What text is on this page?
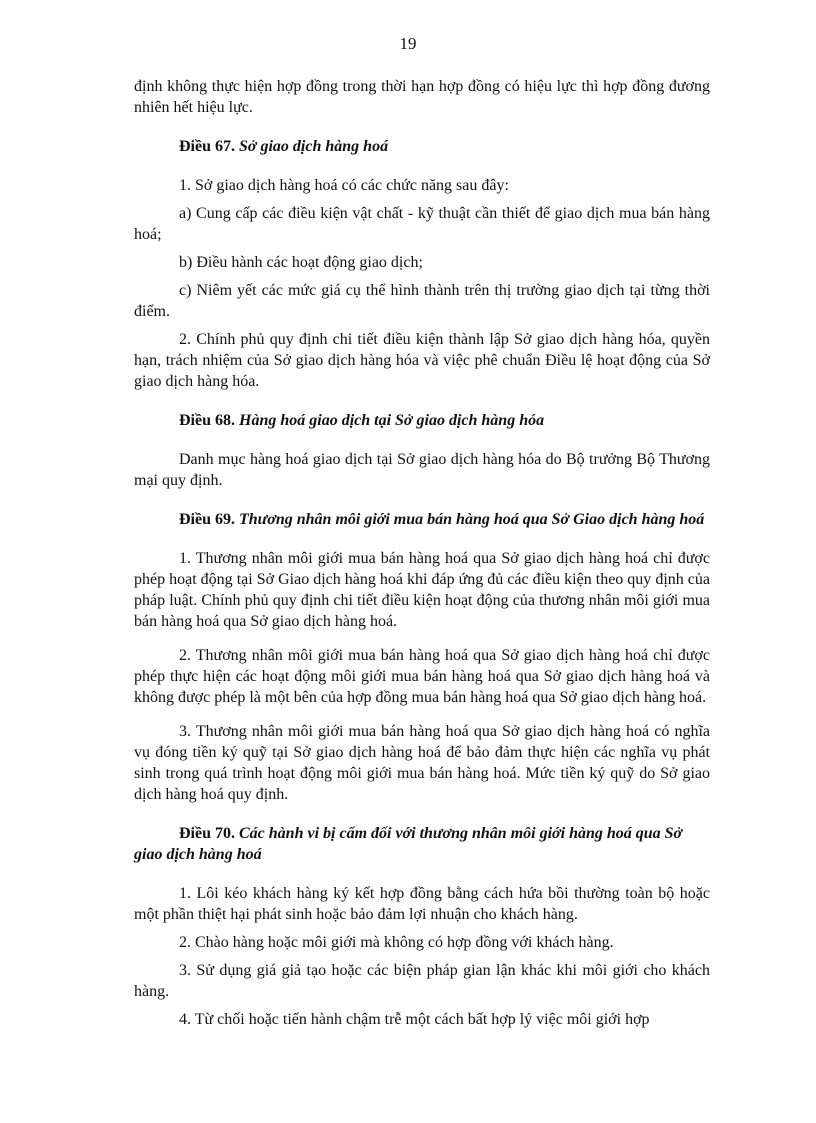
19

định không thực hiện hợp đồng trong thời hạn hợp đồng có hiệu lực thì hợp đồng đương nhiên hết hiệu lực.

Điều 67. Sở giao dịch hàng hoá

1. Sở giao dịch hàng hoá có các chức năng sau đây:

a) Cung cấp các điều kiện vật chất - kỹ thuật cần thiết để giao dịch mua bán hàng hoá;

b) Điều hành các hoạt động giao dịch;

c) Niêm yết các mức giá cụ thể hình thành trên thị trường giao dịch tại từng thời điểm.

2. Chính phủ quy định chi tiết điều kiện thành lập Sở giao dịch hàng hóa, quyền hạn, trách nhiệm của Sở giao dịch hàng hóa và việc phê chuẩn Điều lệ hoạt động của Sở giao dịch hàng hóa.

Điều 68. Hàng hoá giao dịch tại Sở giao dịch hàng hóa

Danh mục hàng hoá giao dịch tại Sở giao dịch hàng hóa do Bộ trưởng Bộ Thương mại quy định.

Điều 69. Thương nhân môi giới mua bán hàng hoá qua Sở Giao dịch hàng hoá

1. Thương nhân môi giới mua bán hàng hoá qua Sở giao dịch hàng hoá chỉ được phép hoạt động tại Sở Giao dịch hàng hoá khi đáp ứng đủ các điều kiện theo quy định của pháp luật. Chính phủ quy định chi tiết điều kiện hoạt động của thương nhân môi giới mua bán hàng hoá qua Sở giao dịch hàng hoá.

2. Thương nhân môi giới mua bán hàng hoá qua Sở giao dịch hàng hoá chỉ được phép thực hiện các hoạt động môi giới mua bán hàng hoá qua Sở giao dịch hàng hoá và không được phép là một bên của hợp đồng mua bán hàng hoá qua Sở giao dịch hàng hoá.

3. Thương nhân môi giới mua bán hàng hoá qua Sở giao dịch hàng hoá có nghĩa vụ đóng tiền ký quỹ tại Sở giao dịch hàng hoá để bảo đảm thực hiện các nghĩa vụ phát sinh trong quá trình hoạt động môi giới mua bán hàng hoá. Mức tiền ký quỹ do Sở giao dịch hàng hoá quy định.

Điều 70. Các hành vi bị cấm đối với thương nhân môi giới hàng hoá qua Sở giao dịch hàng hoá

1. Lôi kéo khách hàng ký kết hợp đồng bằng cách hứa bồi thường toàn bộ hoặc một phần thiệt hại phát sinh hoặc bảo đảm lợi nhuận cho khách hàng.

2. Chào hàng hoặc môi giới mà không có hợp đồng với khách hàng.

3. Sử dụng giá giả tạo hoặc các biện pháp gian lận khác khi môi giới cho khách hàng.

4. Từ chối hoặc tiến hành chậm trễ một cách bất hợp lý việc môi giới hợp
